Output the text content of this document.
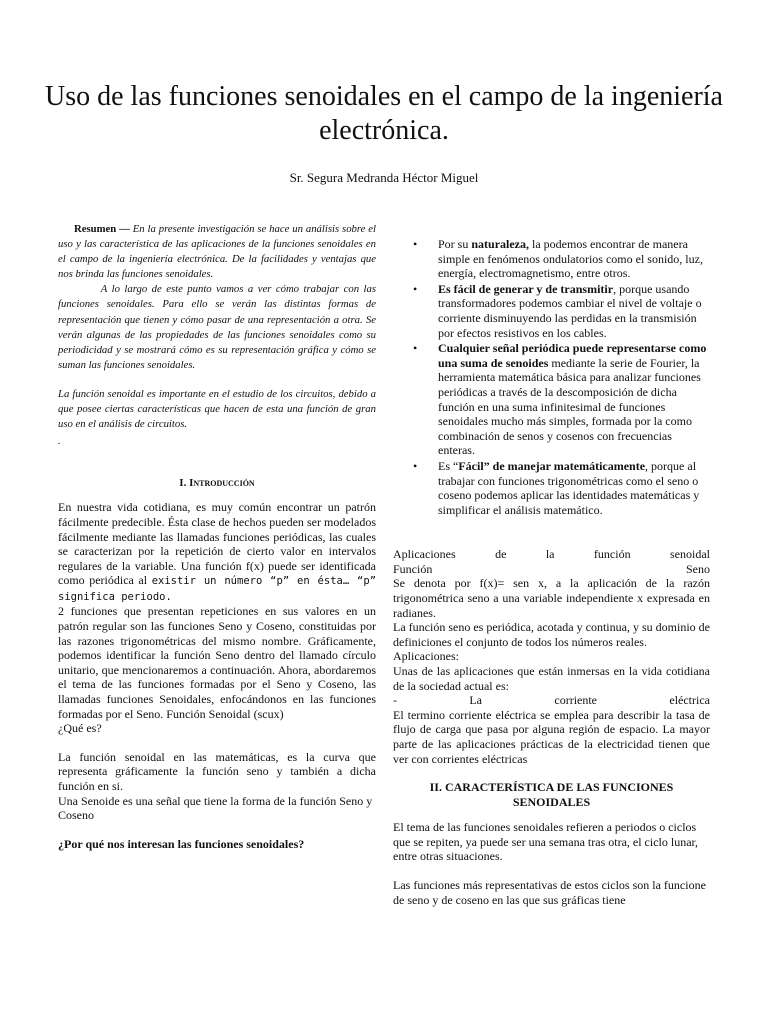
Uso de las funciones senoidales en el campo de la ingeniería electrónica.

Sr. Segura Medranda Héctor Miguel

Resumen — En la presente investigación se hace un análisis sobre el uso y las característica de las aplicaciones de la funciones senoidales en el campo de la ingeniería electrónica. De la facilidades y ventajas que nos brinda las funciones senoidales.

A lo largo de este punto vamos a ver cómo trabajar con las funciones senoidales. Para ello se verán las distintas formas de representación que tienen y cómo pasar de una representación a otra. Se verán algunas de las propiedades de las funciones senoidales como su periodicidad y se mostrará cómo es su representación gráfica y cómo se suman las funciones senoidales.

La función senoidal es importante en el estudio de los circuitos, debido a que posee ciertas características que hacen de esta una función de gran uso en el análisis de circuitos.

.

I. Introducción

En nuestra vida cotidiana, es muy común encontrar un patrón fácilmente predecible. Ésta clase de hechos pueden ser modelados fácilmente mediante las llamadas funciones periódicas, las cuales se caracterizan por la repetición de cierto valor en intervalos regulares de la variable. Una función f(x) puede ser identificada como periódica al existir un número “p” en ésta… “p” significa periodo.

2 funciones que presentan repeticiones en sus valores en un patrón regular son las funciones Seno y Coseno, constituidas por las razones trigonométricas del mismo nombre. Gráficamente, podemos identificar la función Seno dentro del llamado círculo unitario, que mencionaremos a continuación. Ahora, abordaremos el tema de las funciones formadas por el Seno y Coseno, las llamadas funciones Senoidales, enfocándonos en las funciones formadas por el Seno. Función Senoidal (scux)

¿Qué es?

La función senoidal en las matemáticas, es la curva que representa gráficamente la función seno y también a dicha función en si.

Una Senoide es una señal que tiene la forma de la función Seno y Coseno

¿Por qué nos interesan las funciones senoidales?

• Por su naturaleza, la podemos encontrar de manera simple en fenómenos ondulatorios como el sonido, luz, energía, electromagnetismo, entre otros.
• Es fácil de generar y de transmitir, porque usando transformadores podemos cambiar el nivel de voltaje o corriente disminuyendo las perdidas en la transmisión por efectos resistivos en los cables.
• Cualquier señal periódica puede representarse como una suma de senoides mediante la serie de Fourier, la herramienta matemática básica para analizar funciones periódicas a través de la descomposición de dicha función en una suma infinitesimal de funciones senoidales mucho más simples, formada por la como combinación de senos y cosenos con frecuencias enteras.
• Es “Fácil” de manejar matemáticamente, porque al trabajar con funciones trigonométricas como el seno o coseno podemos aplicar las identidades matemáticas y simplificar el análisis matemático.

Aplicaciones de la función senoidal

Función Seno

Se denota por f(x)= sen x, a la aplicación de la razón trigonométrica seno a una variable independiente x expresada en radianes.

La función seno es periódica, acotada y continua, y su dominio de definiciones el conjunto de todos los números reales.

Aplicaciones:

Unas de las aplicaciones que están inmersas en la vida cotidiana de la sociedad actual es:

- La corriente eléctrica

El termino corriente eléctrica se emplea para describir la tasa de flujo de carga que pasa por alguna región de espacio. La mayor parte de las aplicaciones prácticas de la electricidad tienen que ver con corrientes eléctricas

II. CARACTERÍSTICA DE LAS FUNCIONES SENOIDALES

El tema de las funciones senoidales refieren a periodos o ciclos que se repiten, ya puede ser una semana tras otra, el ciclo lunar, entre otras situaciones.

Las funciones más representativas de estos ciclos son la funcione de seno y de coseno en las que sus gráficas tiene
